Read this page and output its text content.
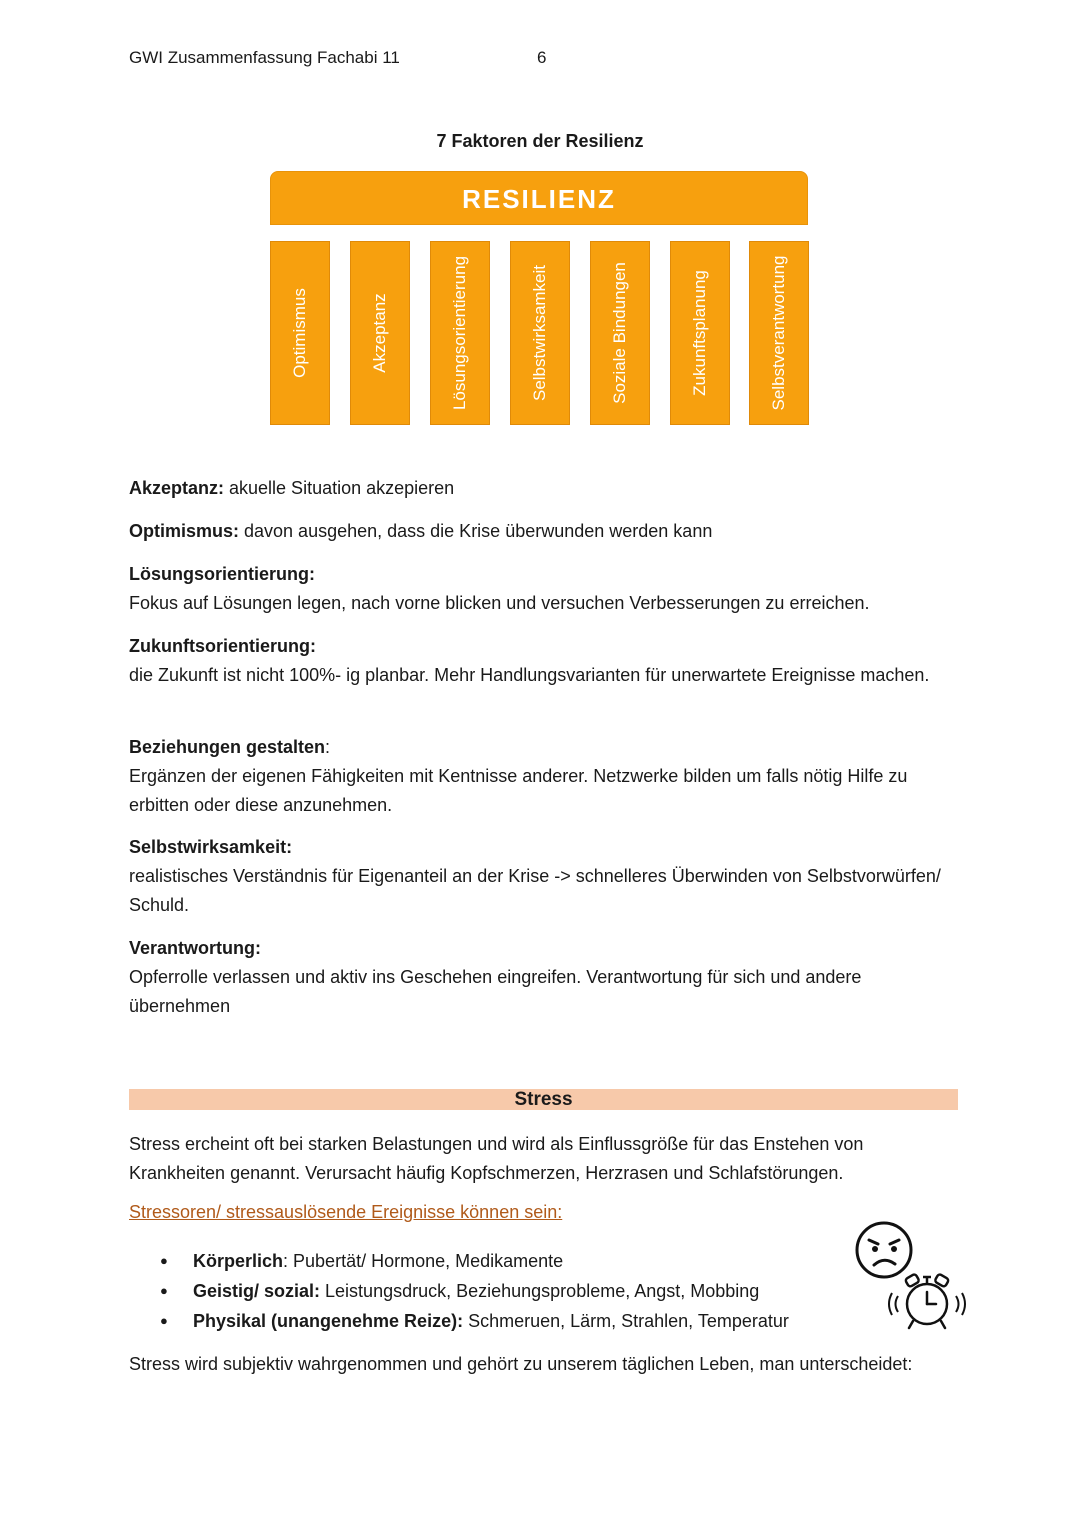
GWI Zusammenfassung Fachabi 11	6
7 Faktoren der Resilienz
RESILIENZ
Optimismus	Akzeptanz	Lösungsorientierung	Selbstwirksamkeit	Soziale Bindungen	Zukunftsplanung	Selbstverantwortung
Akzeptanz: akuelle Situation akzepieren
Optimismus: davon ausgehen, dass die Krise überwunden werden kann
Lösungsorientierung:
Fokus auf Lösungen legen, nach vorne blicken und versuchen Verbesserungen zu erreichen.
Zukunftsorientierung:
die Zukunft ist nicht 100%- ig planbar. Mehr Handlungsvarianten für unerwartete Ereignisse machen.
Beziehungen gestalten:
Ergänzen der eigenen Fähigkeiten mit Kentnisse anderer. Netzwerke bilden um falls nötig Hilfe zu erbitten oder diese anzunehmen.
Selbstwirksamkeit:
realistisches Verständnis für Eigenanteil an der Krise -> schnelleres Überwinden von Selbstvorwürfen/ Schuld.
Verantwortung:
Opferrolle verlassen und aktiv ins Geschehen eingreifen. Verantwortung für sich und andere übernehmen
Stress
Stress ercheint oft bei starken Belastungen und wird als Einflussgröße für das Enstehen von Krankheiten genannt. Verursacht häufig Kopfschmerzen, Herzrasen und Schlafstörungen.
Stressoren/ stressauslösende Ereignisse können sein:
● Körperlich: Pubertät/ Hormone, Medikamente
● Geistig/ sozial: Leistungsdruck, Beziehungsprobleme, Angst, Mobbing
● Physikal (unangenehme Reize): Schmeruen, Lärm, Strahlen, Temperatur
Stress wird subjektiv wahrgenommen und gehört zu unserem täglichen Leben, man unterscheidet:
